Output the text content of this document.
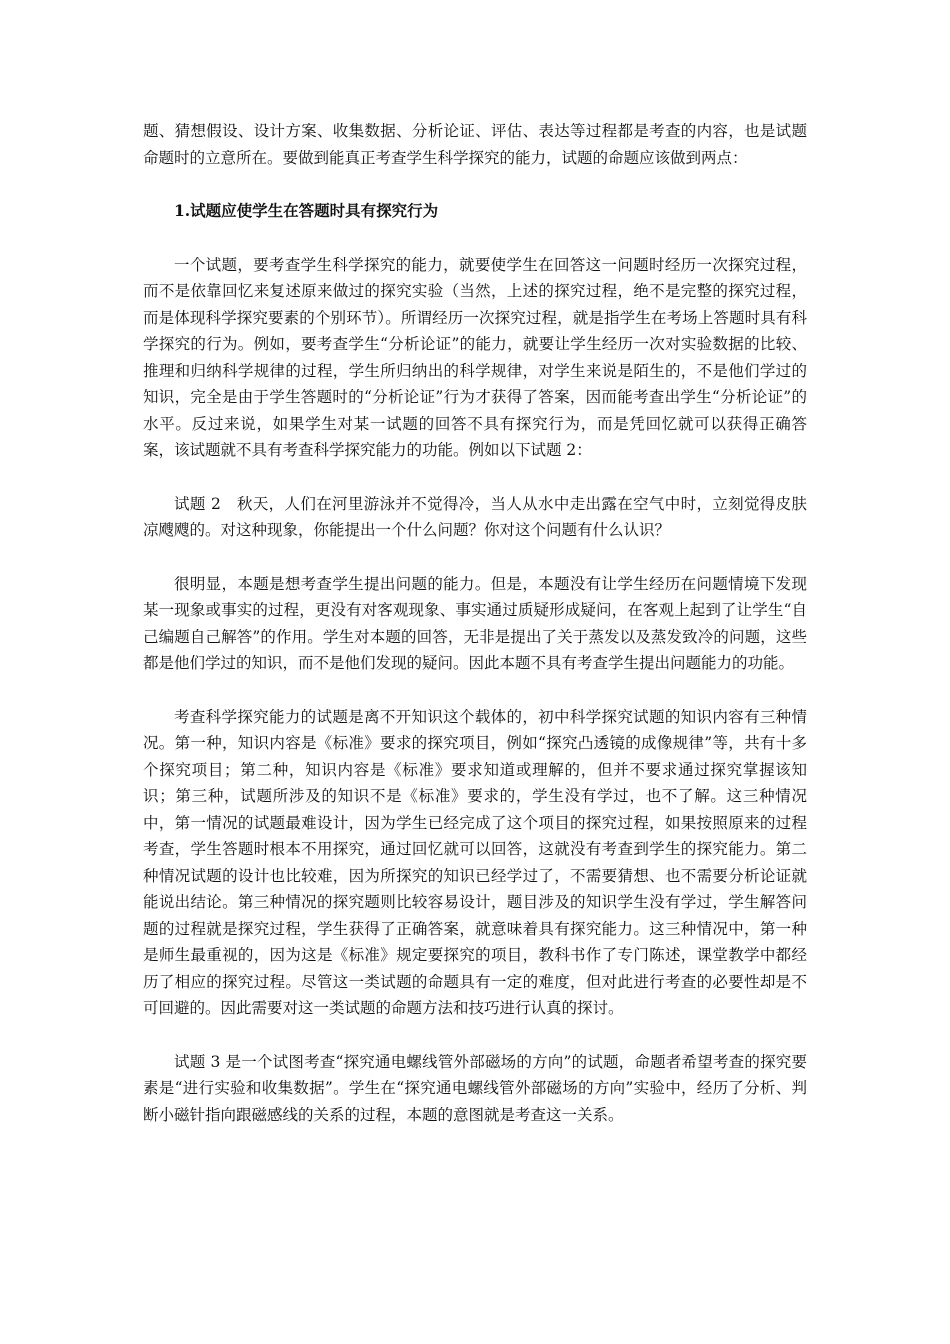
题、猜想假设、设计方案、收集数据、分析论证、评估、表达等过程都是考查的内容，也是试题命题时的立意所在。要做到能真正考查学生科学探究的能力，试题的命题应该做到两点：

1.试题应使学生在答题时具有探究行为

一个试题，要考查学生科学探究的能力，就要使学生在回答这一问题时经历一次探究过程，而不是依靠回忆来复述原来做过的探究实验（当然，上述的探究过程，绝不是完整的探究过程，而是体现科学探究要素的个别环节）。所谓经历一次探究过程，就是指学生在考场上答题时具有科学探究的行为。例如，要考查学生“分析论证”的能力，就要让学生经历一次对实验数据的比较、推理和归纳科学规律的过程，学生所归纳出的科学规律，对学生来说是陌生的，不是他们学过的知识，完全是由于学生答题时的“分析论证”行为才获得了答案，因而能考查出学生“分析论证”的水平。反过来说，如果学生对某一试题的回答不具有探究行为，而是凭回忆就可以获得正确答案，该试题就不具有考查科学探究能力的功能。例如以下试题 2：

试题 2　秋天，人们在河里游泳并不觉得冷，当人从水中走出露在空气中时，立刻觉得皮肤凉飕飕的。对这种现象，你能提出一个什么问题？你对这个问题有什么认识？

很明显，本题是想考查学生提出问题的能力。但是，本题没有让学生经历在问题情境下发现某一现象或事实的过程，更没有对客观现象、事实通过质疑形成疑问，在客观上起到了让学生“自己编题自己解答”的作用。学生对本题的回答，无非是提出了关于蒸发以及蒸发致冷的问题，这些都是他们学过的知识，而不是他们发现的疑问。因此本题不具有考查学生提出问题能力的功能。

考查科学探究能力的试题是离不开知识这个载体的，初中科学探究试题的知识内容有三种情况。第一种，知识内容是《标准》要求的探究项目，例如“探究凸透镜的成像规律”等，共有十多个探究项目；第二种，知识内容是《标准》要求知道或理解的，但并不要求通过探究掌握该知识；第三种，试题所涉及的知识不是《标准》要求的，学生没有学过，也不了解。这三种情况中，第一情况的试题最难设计，因为学生已经完成了这个项目的探究过程，如果按照原来的过程考查，学生答题时根本不用探究，通过回忆就可以回答，这就没有考查到学生的探究能力。第二种情况试题的设计也比较难，因为所探究的知识已经学过了，不需要猜想、也不需要分析论证就能说出结论。第三种情况的探究题则比较容易设计，题目涉及的知识学生没有学过，学生解答问题的过程就是探究过程，学生获得了正确答案，就意味着具有探究能力。这三种情况中，第一种是师生最重视的，因为这是《标准》规定要探究的项目，教科书作了专门陈述，课堂教学中都经历了相应的探究过程。尽管这一类试题的命题具有一定的难度，但对此进行考查的必要性却是不可回避的。因此需要对这一类试题的命题方法和技巧进行认真的探讨。

试题 3 是一个试图考查“探究通电螺线管外部磁场的方向”的试题，命题者希望考查的探究要素是“进行实验和收集数据”。学生在“探究通电螺线管外部磁场的方向”实验中，经历了分析、判断小磁针指向跟磁感线的关系的过程，本题的意图就是考查这一关系。
